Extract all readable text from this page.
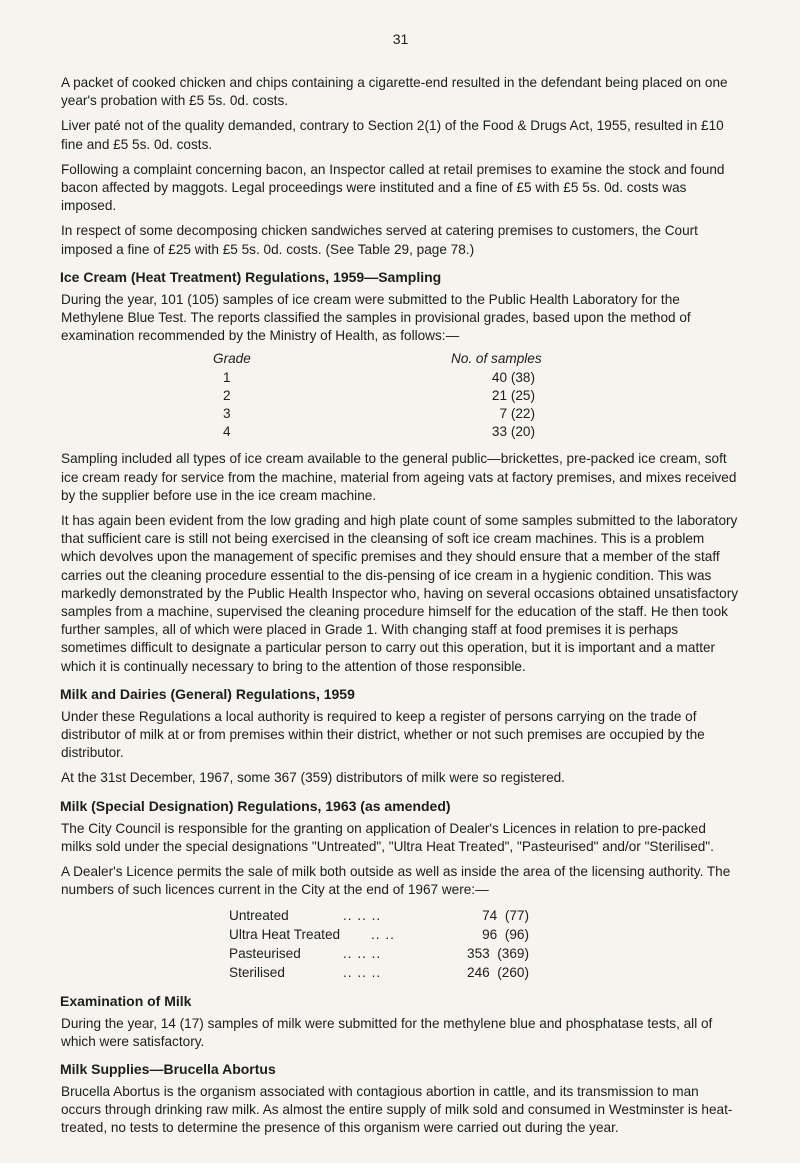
31

A packet of cooked chicken and chips containing a cigarette-end resulted in the defendant being placed on one year's probation with £5 5s. 0d. costs.

Liver paté not of the quality demanded, contrary to Section 2(1) of the Food & Drugs Act, 1955, resulted in £10 fine and £5 5s. 0d. costs.

Following a complaint concerning bacon, an Inspector called at retail premises to examine the stock and found bacon affected by maggots. Legal proceedings were instituted and a fine of £5 with £5 5s. 0d. costs was imposed.

In respect of some decomposing chicken sandwiches served at catering premises to customers, the Court imposed a fine of £25 with £5 5s. 0d. costs. (See Table 29, page 78.)

Ice Cream (Heat Treatment) Regulations, 1959—Sampling

During the year, 101 (105) samples of ice cream were submitted to the Public Health Laboratory for the Methylene Blue Test. The reports classified the samples in provisional grades, based upon the method of examination recommended by the Ministry of Health, as follows:—

Grade	No. of samples
1	40 (38)
2	21 (25)
3	7 (22)
4	33 (20)

Sampling included all types of ice cream available to the general public—brickettes, pre-packed ice cream, soft ice cream ready for service from the machine, material from ageing vats at factory premises, and mixes received by the supplier before use in the ice cream machine.

It has again been evident from the low grading and high plate count of some samples submitted to the laboratory that sufficient care is still not being exercised in the cleansing of soft ice cream machines. This is a problem which devolves upon the management of specific premises and they should ensure that a member of the staff carries out the cleaning procedure essential to the dis-pensing of ice cream in a hygienic condition. This was markedly demonstrated by the Public Health Inspector who, having on several occasions obtained unsatisfactory samples from a machine, supervised the cleaning procedure himself for the education of the staff. He then took further samples, all of which were placed in Grade 1. With changing staff at food premises it is perhaps sometimes difficult to designate a particular person to carry out this operation, but it is important and a matter which it is continually necessary to bring to the attention of those responsible.

Milk and Dairies (General) Regulations, 1959

Under these Regulations a local authority is required to keep a register of persons carrying on the trade of distributor of milk at or from premises within their district, whether or not such premises are occupied by the distributor.

At the 31st December, 1967, some 367 (359) distributors of milk were so registered.

Milk (Special Designation) Regulations, 1963 (as amended)

The City Council is responsible for the granting on application of Dealer's Licences in relation to pre-packed milks sold under the special designations "Untreated", "Ultra Heat Treated", "Pasteurised" and/or "Sterilised".

A Dealer's Licence permits the sale of milk both outside as well as inside the area of the licensing authority. The numbers of such licences current in the City at the end of 1967 were:—

Untreated	.. .. ..	74 (77)
Ultra Heat Treated .. ..	96 (96)
Pasteurised	.. .. ..	353 (369)
Sterilised	.. .. ..	246 (260)
Examination of Milk

During the year, 14 (17) samples of milk were submitted for the methylene blue and phosphatase tests, all of which were satisfactory.

Milk Supplies—Brucella Abortus

Brucella Abortus is the organism associated with contagious abortion in cattle, and its transmission to man occurs through drinking raw milk. As almost the entire supply of milk sold and consumed in Westminster is heat-treated, no tests to determine the presence of this organism were carried out during the year.
